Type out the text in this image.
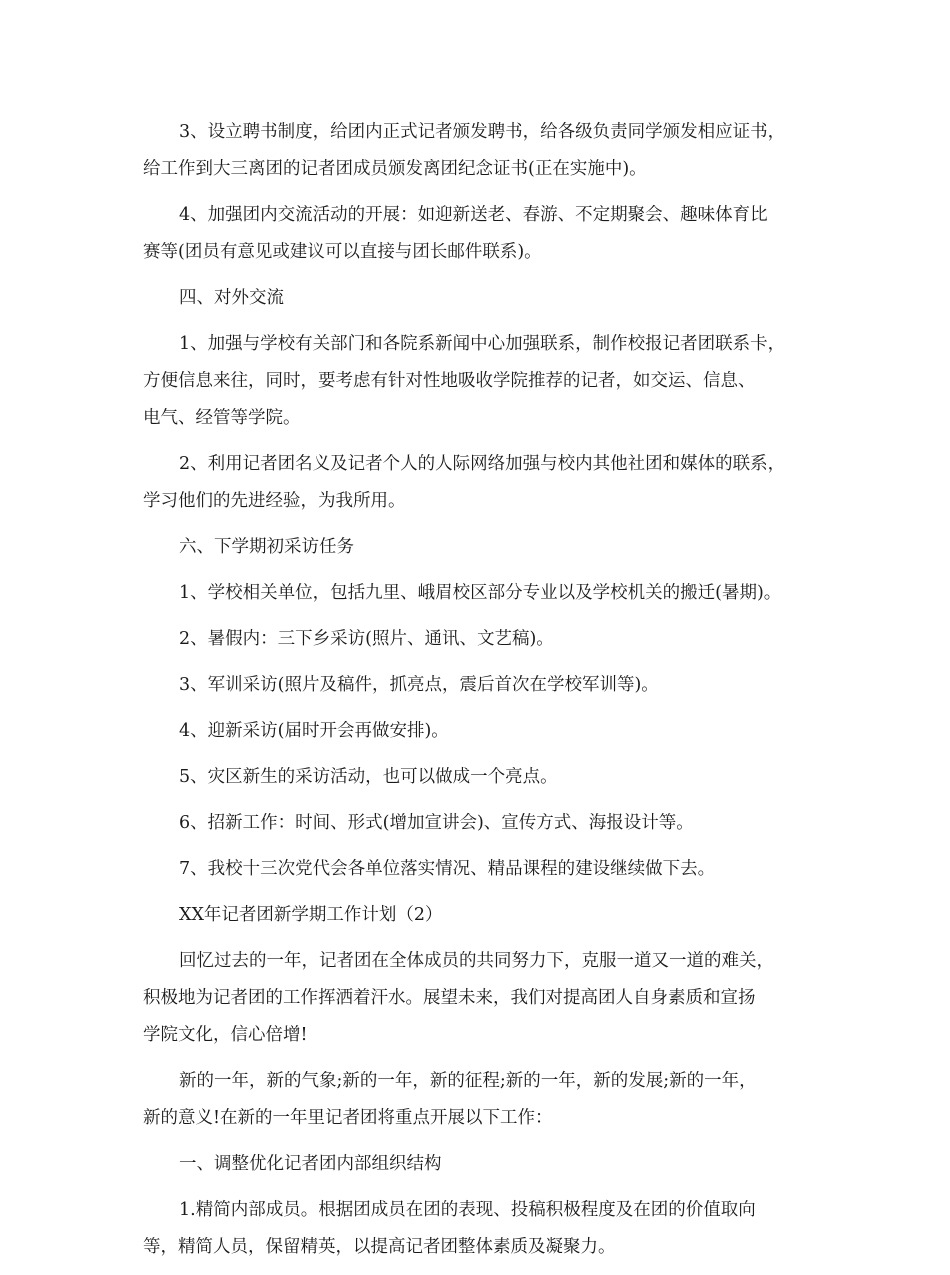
3、设立聘书制度，给团内正式记者颁发聘书，给各级负责同学颁发相应证书，
给工作到大三离团的记者团成员颁发离团纪念证书(正在实施中)。

4、加强团内交流活动的开展：如迎新送老、春游、不定期聚会、趣味体育比
赛等(团员有意见或建议可以直接与团长邮件联系)。

四、对外交流

1、加强与学校有关部门和各院系新闻中心加强联系，制作校报记者团联系卡，
方便信息来往，同时，要考虑有针对性地吸收学院推荐的记者，如交运、信息、
电气、经管等学院。

2、利用记者团名义及记者个人的人际网络加强与校内其他社团和媒体的联系，
学习他们的先进经验，为我所用。

六、下学期初采访任务

1、学校相关单位，包括九里、峨眉校区部分专业以及学校机关的搬迁(暑期)。

2、暑假内：三下乡采访(照片、通讯、文艺稿)。

3、军训采访(照片及稿件，抓亮点，震后首次在学校军训等)。

4、迎新采访(届时开会再做安排)。

5、灾区新生的采访活动，也可以做成一个亮点。

6、招新工作：时间、形式(增加宣讲会)、宣传方式、海报设计等。

7、我校十三次党代会各单位落实情况、精品课程的建设继续做下去。

XX年记者团新学期工作计划（2）

回忆过去的一年，记者团在全体成员的共同努力下，克服一道又一道的难关，
积极地为记者团的工作挥洒着汗水。展望未来，我们对提高团人自身素质和宣扬
学院文化，信心倍增!

新的一年，新的气象;新的一年，新的征程;新的一年，新的发展;新的一年，
新的意义!在新的一年里记者团将重点开展以下工作：

一、调整优化记者团内部组织结构

1.精简内部成员。根据团成员在团的表现、投稿积极程度及在团的价值取向
等，精简人员，保留精英，以提高记者团整体素质及凝聚力。
